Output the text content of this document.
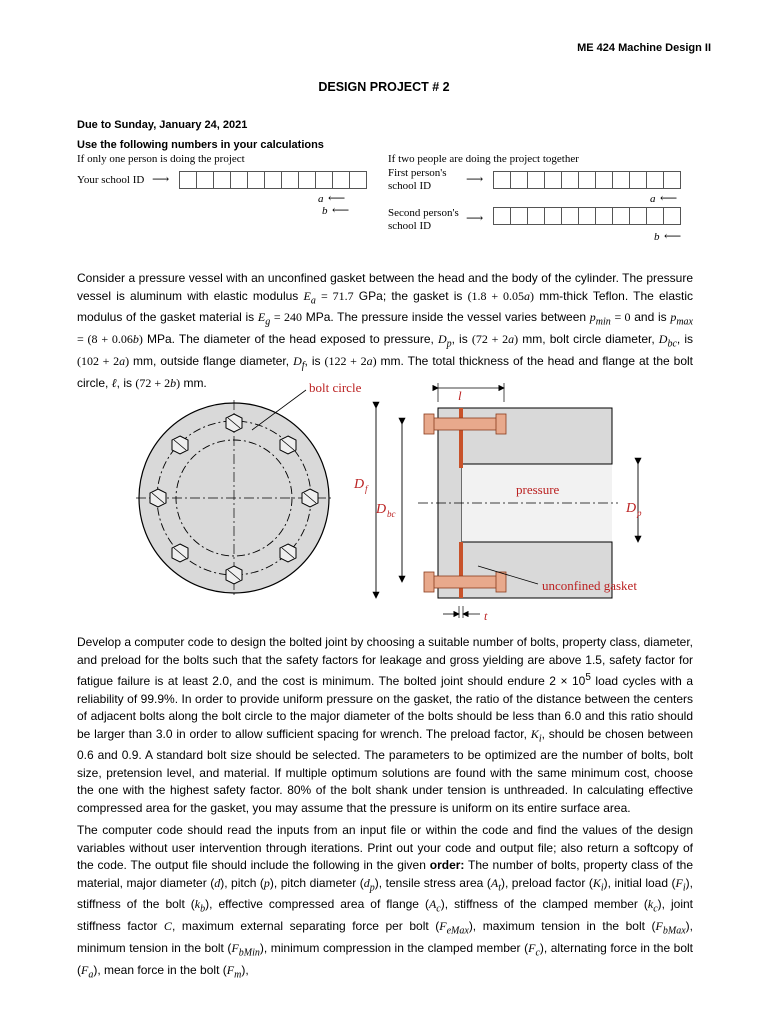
ME 424 Machine Design II
DESIGN PROJECT # 2
Due to Sunday, January 24, 2021
Use the following numbers in your calculations
If only one person is doing the project
Your school ID ⟶
a ⟵
b ⟵
If two people are doing the project together
First person's
school ID	⟶
a ⟵
Second person's
school ID
⟶
b ⟵

Consider a pressure vessel with an unconfined gasket between the head and the body of the cylinder. The pressure vessel is aluminum with elastic modulus $E_a = 71.7$ GPa; the gasket is (1.8 + 0.05a) mm-thick Teflon. The elastic modulus of the gasket material is $E_g = 240$ MPa. The pressure inside the vessel varies between $p_{min} = 0$ and is $p_{max} = (8 + 0.06b)$ MPa. The diameter of the head exposed to pressure, $D_p$, is (72 + 2a) mm, bolt circle diameter, $D_{bc}$, is (102 + 2a) mm, outside flange diameter, $D_f$, is (122 + 2a) mm. The total thickness of the head and flange at the bolt circle, ℓ, is (72 + 2b) mm.	bolt circle
l
D f
D bc
pressure
D p
unconfined gasket
t

Develop a computer code to design the bolted joint by choosing a suitable number of bolts, property class, diameter, and preload for the bolts such that the safety factors for leakage and gross yielding are above 1.5, safety factor for fatigue failure is at least 2.0, and the cost is minimum. The bolted joint should endure $2 \times 10^5$ load cycles with a reliability of 99.9%. In order to provide uniform pressure on the gasket, the ratio of the distance between the centers of adjacent bolts along the bolt circle to the major diameter of the bolts should be less than 6.0 and this ratio should be larger than 3.0 in order to allow sufficient spacing for wrench. The preload factor, $K_i$, should be chosen between 0.6 and 0.9. A standard bolt size should be selected. The parameters to be optimized are the number of bolts, bolt size, pretension level, and material. If multiple optimum solutions are found with the same minimum cost, choose the one with the highest safety factor. 80% of the bolt shank under tension is unthreaded. In calculating effective compressed area for the gasket, you may assume that the pressure is uniform on its entire surface area.

The computer code should read the inputs from an input file or within the code and find the values of the design variables without user intervention through iterations. Print out your code and output file; also return a softcopy of the code. The output file should include the following in the given order: The number of bolts, property class of the material, major diameter (d), pitch (p), pitch diameter $(d_p)$, tensile stress area $(A_t)$, preload factor $(K_i)$, initial load $(F_i)$, stiffness of the bolt $(k_b)$, effective compressed area of flange $(A_c)$, stiffness of the clamped member $(k_c)$, joint stiffness factor C, maximum external separating force per bolt $(F_{eMax})$, maximum tension in the bolt $(F_{bMax})$, minimum tension in the bolt $(F_{bMin})$, minimum compression in the clamped member $(F_c)$, alternating force in the bolt $(F_a)$, mean force in the bolt $(F_m)$,
